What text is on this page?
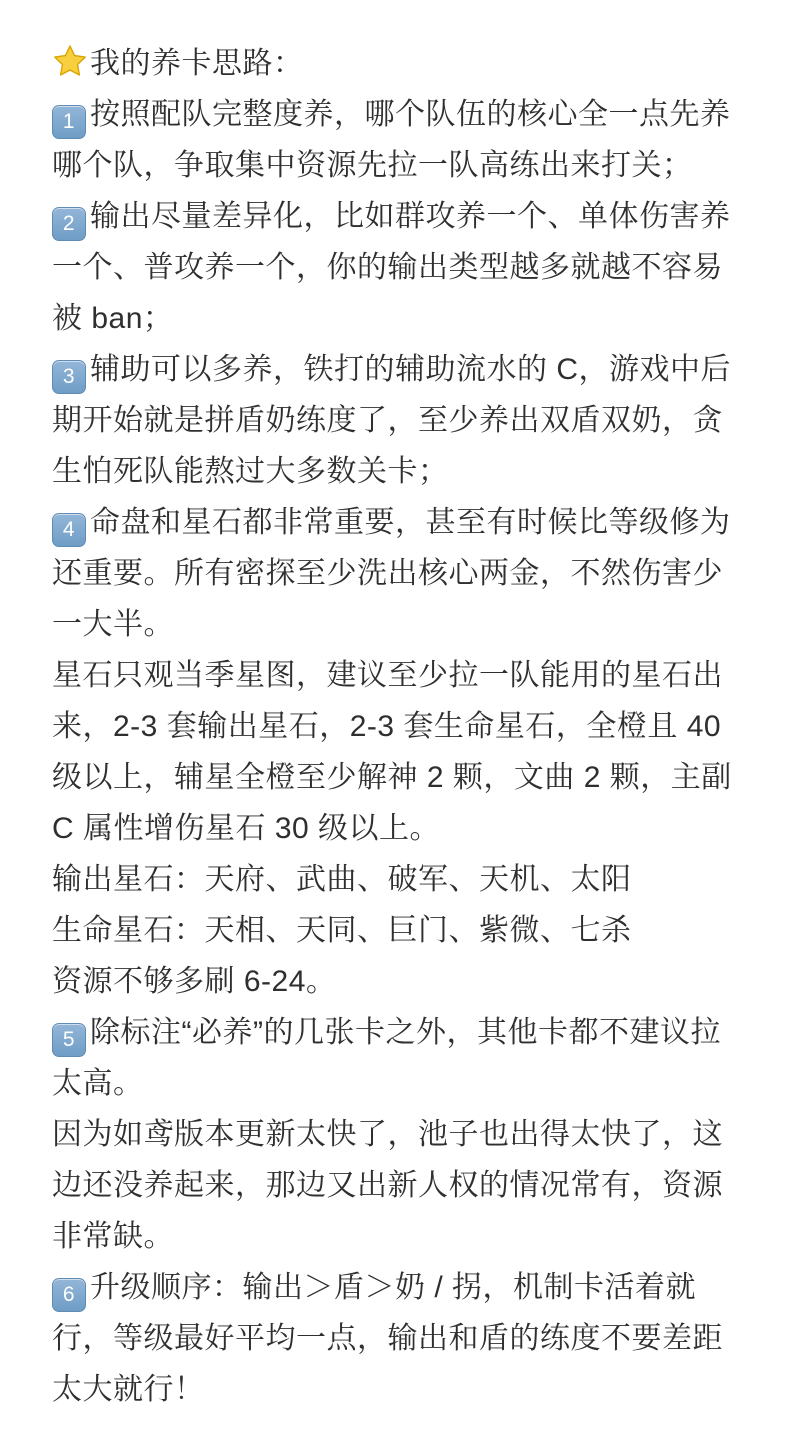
我的养卡思路：

1 按照配队完整度养，哪个队伍的核心全一点先养哪个队，争取集中资源先拉一队高练出来打关；

2 输出尽量差异化，比如群攻养一个、单体伤害养一个、普攻养一个，你的输出类型越多就越不容易被 ban；

3 辅助可以多养，铁打的辅助流水的 C，游戏中后期开始就是拼盾奶练度了，至少养出双盾双奶，贪生怕死队能熬过大多数关卡；

4 命盘和星石都非常重要，甚至有时候比等级修为还重要。所有密探至少洗出核心两金，不然伤害少一大半。

星石只观当季星图，建议至少拉一队能用的星石出来，2-3 套输出星石，2-3 套生命星石，全橙且 40 级以上，辅星全橙至少解神 2 颗，文曲 2 颗，主副 C 属性增伤星石 30 级以上。

输出星石：天府、武曲、破军、天机、太阳

生命星石：天相、天同、巨门、紫微、七杀

资源不够多刷 6-24。

5 除标注“必养”的几张卡之外，其他卡都不建议拉太高。

因为如鸢版本更新太快了，池子也出得太快了，这边还没养起来，那边又出新人权的情况常有，资源非常缺。

6 升级顺序：输出＞盾＞奶 / 拐，机制卡活着就行，等级最好平均一点，输出和盾的练度不要差距太大就行！
